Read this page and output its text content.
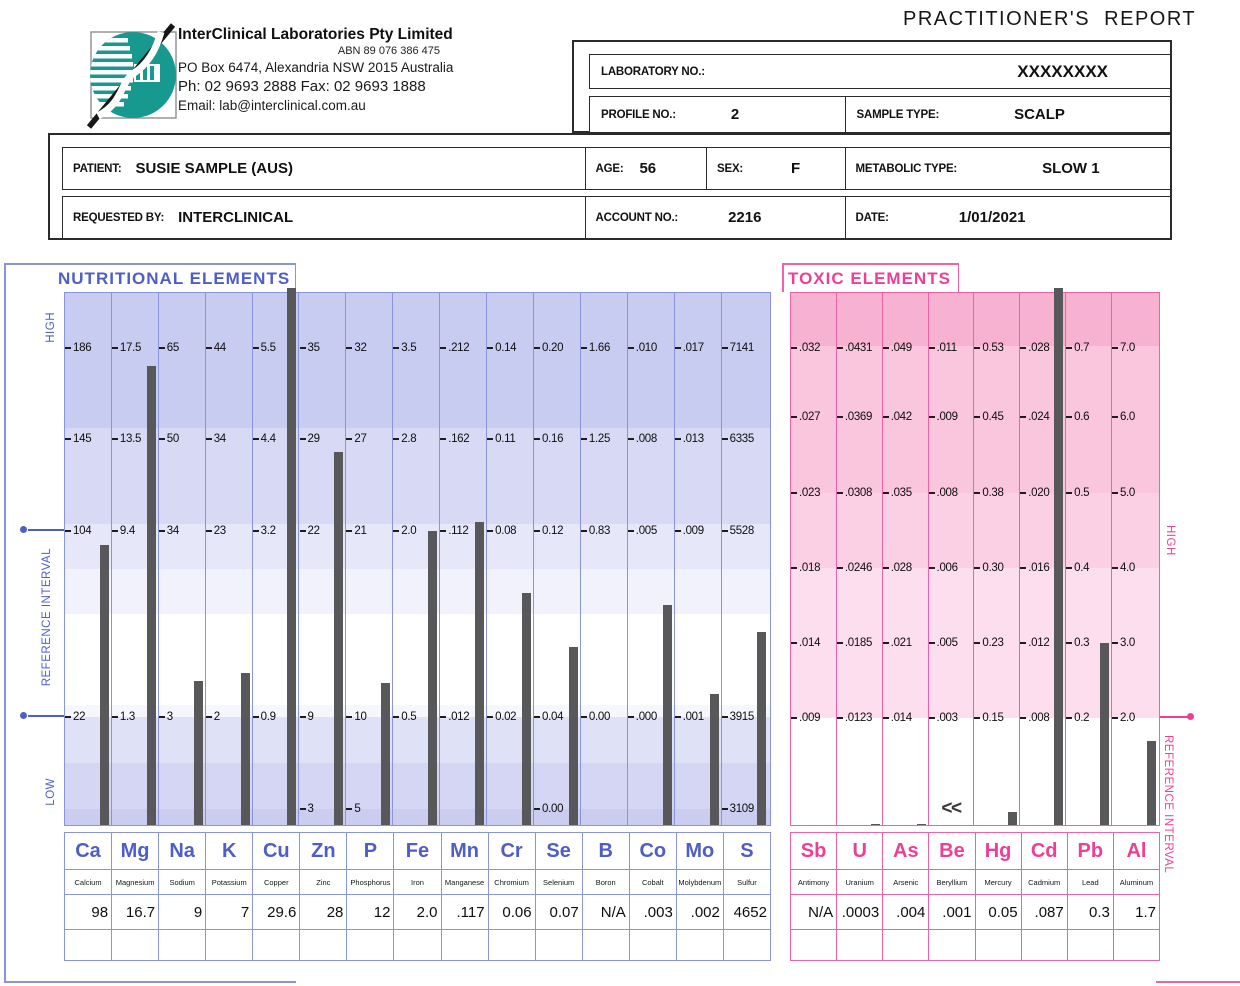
InterClinical Laboratories Pty Limited
ABN 89 076 386 475
PO Box 6474, Alexandria NSW 2015 Australia
Ph: 02 9693 2888 Fax: 02 9693 1888
Email: lab@interclinical.com.au
PRACTITIONER'S  REPORT
LABORATORY NO.:	XXXXXXXX
PROFILE NO.:	2	SAMPLE TYPE:	SCALP
PATIENT: SUSIE SAMPLE (AUS)	AGE: 56	SEX:	F	METABOLIC TYPE:	SLOW 1
REQUESTED BY: INTERCLINICAL	ACCOUNT NO.:	2216	DATE:	1/01/2021
NUTRITIONAL ELEMENTS	TOXIC ELEMENTS
HIGH
REFERENCE INTERVAL
LOW
HIGH
REFERENCE INTERVAL
186
145
104
22
17.5
13.5
9.4
1.3
65
50
34
3
44
34
23
2
5.5
4.4
3.2
0.9
35
29
22
9
3
32
27
21
10
5
3.5
2.8
2.0
0.5
.212
.162
.112
.012
0.14
0.11
0.08
0.02
0.20
0.16
0.12
0.04
0.00
1.66
1.25
0.83
0.00
.010
.008
.005
.000
.017
.013
.009
.001
7141
6335
5528
3915
3109
.032
.027
.023
.018
.014
.009
.0431
.0369
.0308
.0246
.0185
.0123
.049
.042
.035
.028
.021
.014
.011
.009
.008
.006
.005
.003
<<
0.53
0.45
0.38
0.30
0.23
0.15
.028
.024
.020
.016
.012
.008
0.7
0.6
0.5
0.4
0.3
0.2
7.0
6.0
5.0
4.0
3.0
2.0
Ca Mg Na	K	Cu	Zn	P	Fe	Mn	Cr	Se	B	Co Mo	S
Calcium	Magnesium	Sodium	Potassium	Copper	Zinc	Phosphorus	Iron	Manganese	Chromium	Selenium	Boron	Cobalt	Molybdenum	Sulfur
98	16.7	9	7	29.6	28	12	2.0	.117	0.06	0.07	N/A	.003	.002 4652
Sb	U	As	Be	Hg Cd	Pb	Al
Antimony	Uranium	Arsenic	Beryllium	Mercury	Cadmium	Lead	Aluminum
N/A .0003	.004	.001	0.05	.087	0.3	1.7
